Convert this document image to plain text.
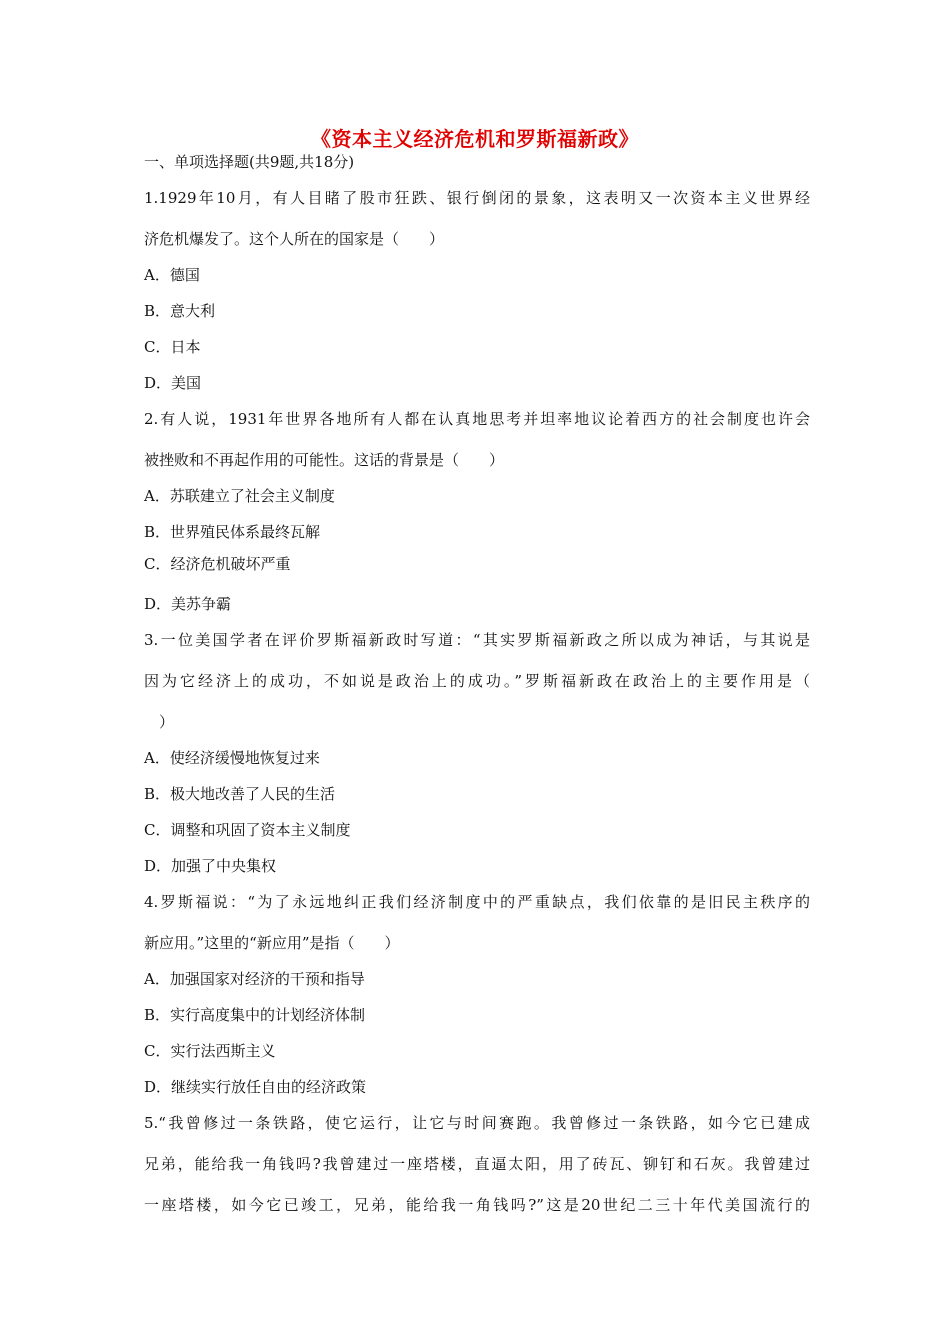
《资本主义经济危机和罗斯福新政》
一、单项选择题(共9题,共18分)
1.1929年10月，有人目睹了股市狂跌、银行倒闭的景象，这表明又一次资本主义世界经
济危机爆发了。这个人所在的国家是（　　）
A．德国
B．意大利
C．日本
D．美国
2.有人说，1931年世界各地所有人都在认真地思考并坦率地议论着西方的社会制度也许会
被挫败和不再起作用的可能性。这话的背景是（　　）
A．苏联建立了社会主义制度
B．世界殖民体系最终瓦解
C．经济危机破坏严重
D．美苏争霸
3.一位美国学者在评价罗斯福新政时写道：“其实罗斯福新政之所以成为神话，与其说是
因为它经济上的成功，不如说是政治上的成功。”罗斯福新政在政治上的主要作用是（
　）
A．使经济缓慢地恢复过来
B．极大地改善了人民的生活
C．调整和巩固了资本主义制度
D．加强了中央集权
4.罗斯福说：“为了永远地纠正我们经济制度中的严重缺点，我们依靠的是旧民主秩序的
新应用。”这里的“新应用”是指（　　）
A．加强国家对经济的干预和指导
B．实行高度集中的计划经济体制
C．实行法西斯主义
D．继续实行放任自由的经济政策
5.“我曾修过一条铁路，使它运行，让它与时间赛跑。我曾修过一条铁路，如今它已建成
兄弟，能给我一角钱吗?我曾建过一座塔楼，直逼太阳，用了砖瓦、铆钉和石灰。我曾建过
一座塔楼，如今它已竣工，兄弟，能给我一角钱吗?”这是20世纪二三十年代美国流行的
